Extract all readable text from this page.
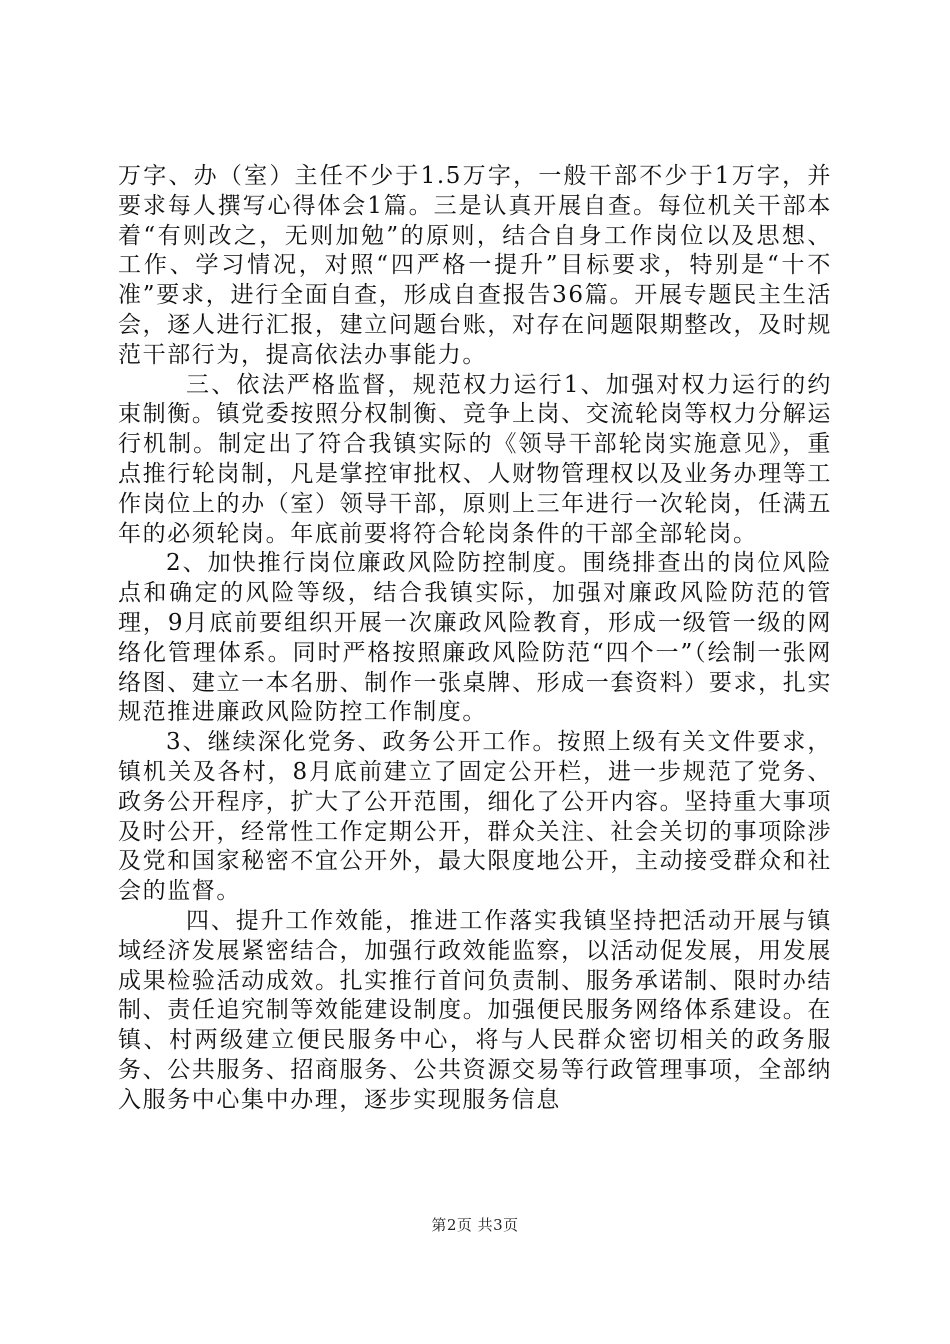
万字、办（室）主任不少于1.5万字，一般干部不少于1万字，并要求每人撰写心得体会1篇。三是认真开展自查。每位机关干部本着“有则改之，无则加勉”的原则，结合自身工作岗位以及思想、工作、学习情况，对照“四严格一提升”目标要求，特别是“十不准”要求，进行全面自查，形成自查报告36篇。开展专题民主生活会，逐人进行汇报，建立问题台账，对存在问题限期整改，及时规范干部行为，提高依法办事能力。

三、依法严格监督，规范权力运行1、加强对权力运行的约束制衡。镇党委按照分权制衡、竞争上岗、交流轮岗等权力分解运行机制。制定出了符合我镇实际的《领导干部轮岗实施意见》，重点推行轮岗制，凡是掌控审批权、人财物管理权以及业务办理等工作岗位上的办（室）领导干部，原则上三年进行一次轮岗，任满五年的必须轮岗。年底前要将符合轮岗条件的干部全部轮岗。

2、加快推行岗位廉政风险防控制度。围绕排查出的岗位风险点和确定的风险等级，结合我镇实际，加强对廉政风险防范的管理，9月底前要组织开展一次廉政风险教育，形成一级管一级的网络化管理体系。同时严格按照廉政风险防范“四个一”（绘制一张网络图、建立一本名册、制作一张桌牌、形成一套资料）要求，扎实规范推进廉政风险防控工作制度。

3、继续深化党务、政务公开工作。按照上级有关文件要求，镇机关及各村，8月底前建立了固定公开栏，进一步规范了党务、政务公开程序，扩大了公开范围，细化了公开内容。坚持重大事项及时公开，经常性工作定期公开，群众关注、社会关切的事项除涉及党和国家秘密不宜公开外，最大限度地公开，主动接受群众和社会的监督。

四、提升工作效能，推进工作落实我镇坚持把活动开展与镇域经济发展紧密结合，加强行政效能监察，以活动促发展，用发展成果检验活动成效。扎实推行首问负责制、服务承诺制、限时办结制、责任追究制等效能建设制度。加强便民服务网络体系建设。在镇、村两级建立便民服务中心，将与人民群众密切相关的政务服务、公共服务、招商服务、公共资源交易等行政管理事项，全部纳入服务中心集中办理，逐步实现服务信息

第2页 共3页
